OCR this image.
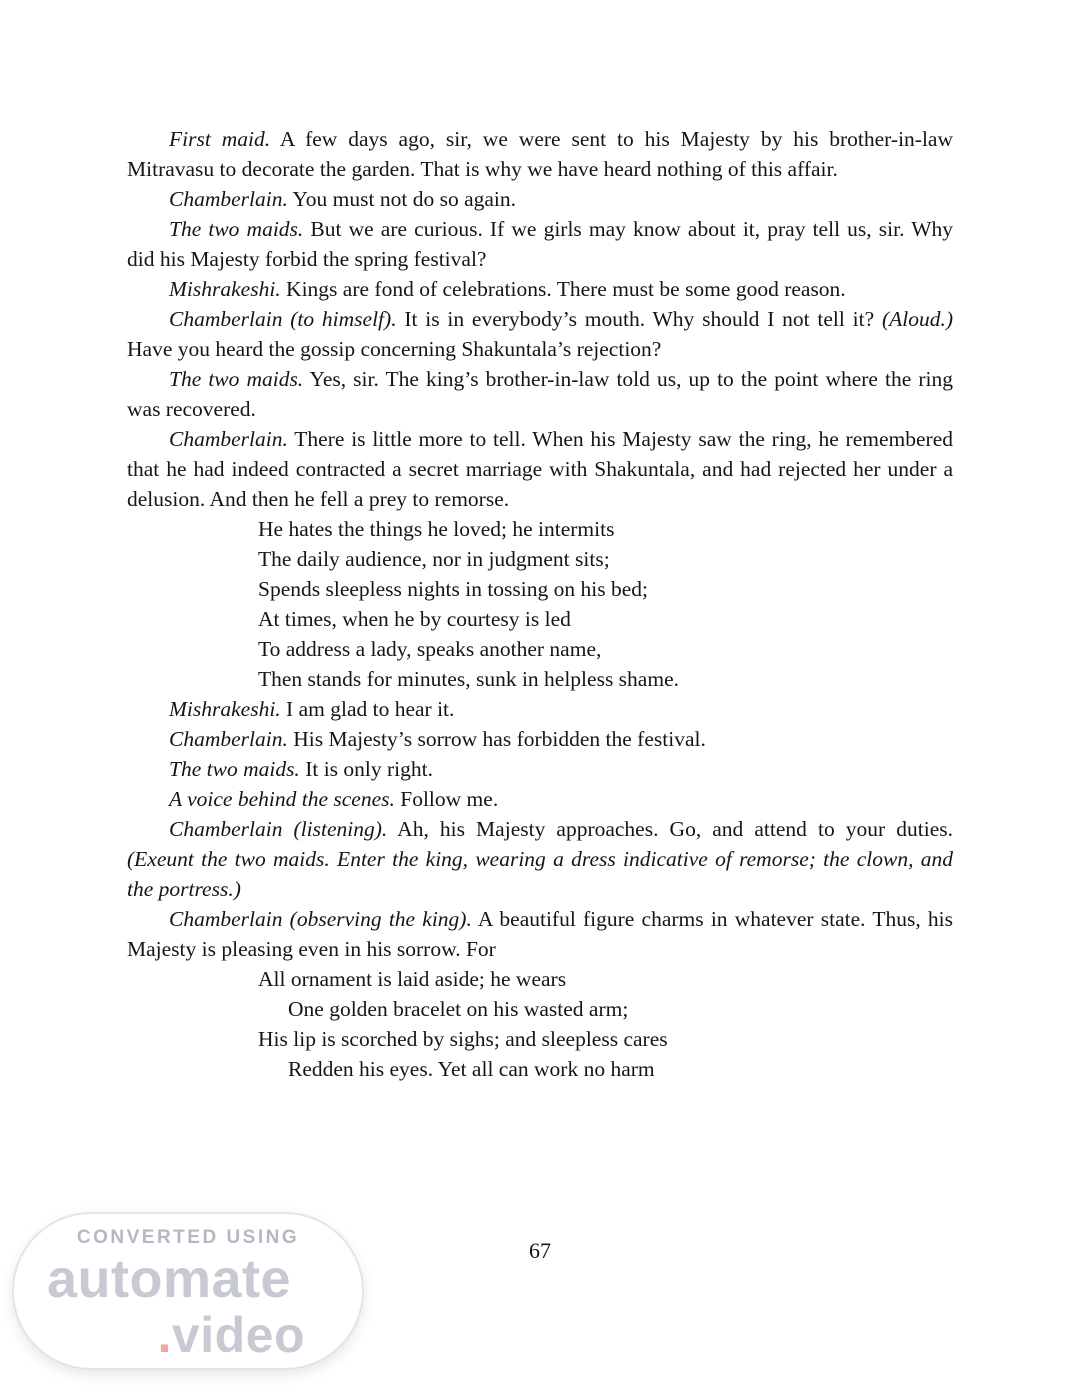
First maid. A few days ago, sir, we were sent to his Majesty by his brother-in-law Mitravasu to decorate the garden. That is why we have heard nothing of this affair.

Chamberlain. You must not do so again.

The two maids. But we are curious. If we girls may know about it, pray tell us, sir. Why did his Majesty forbid the spring festival?

Mishrakeshi. Kings are fond of celebrations. There must be some good reason.

Chamberlain (to himself). It is in everybody’s mouth. Why should I not tell it? (Aloud.) Have you heard the gossip concerning Shakuntala’s rejection?

The two maids. Yes, sir. The king’s brother-in-law told us, up to the point where the ring was recovered.

Chamberlain. There is little more to tell. When his Majesty saw the ring, he remembered that he had indeed contracted a secret marriage with Shakuntala, and had rejected her under a delusion. And then he fell a prey to remorse.

He hates the things he loved; he intermits
The daily audience, nor in judgment sits;
Spends sleepless nights in tossing on his bed;
At times, when he by courtesy is led
To address a lady, speaks another name,
Then stands for minutes, sunk in helpless shame.

Mishrakeshi. I am glad to hear it.

Chamberlain. His Majesty’s sorrow has forbidden the festival.

The two maids. It is only right.

A voice behind the scenes. Follow me.

Chamberlain (listening). Ah, his Majesty approaches. Go, and attend to your duties. (Exeunt the two maids. Enter the king, wearing a dress indicative of remorse; the clown, and the portress.)

Chamberlain (observing the king). A beautiful figure charms in whatever state. Thus, his Majesty is pleasing even in his sorrow. For

All ornament is laid aside; he wears
One golden bracelet on his wasted arm;
His lip is scorched by sighs; and sleepless cares
Redden his eyes. Yet all can work no harm
67
CONVERTED USING
automate
.video
